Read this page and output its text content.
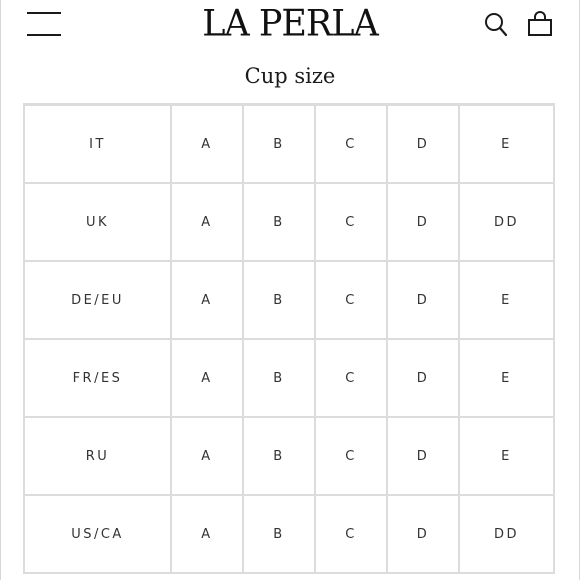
LA PERLA
Cup size
IT	A	B	C	D	E
UK	A	B	C	D	DD
DE/EU	A	B	C	D	E
FR/ES	A	B	C	D	E
RU	A	B	C	D	E
US/CA	A	B	C	D	DD
